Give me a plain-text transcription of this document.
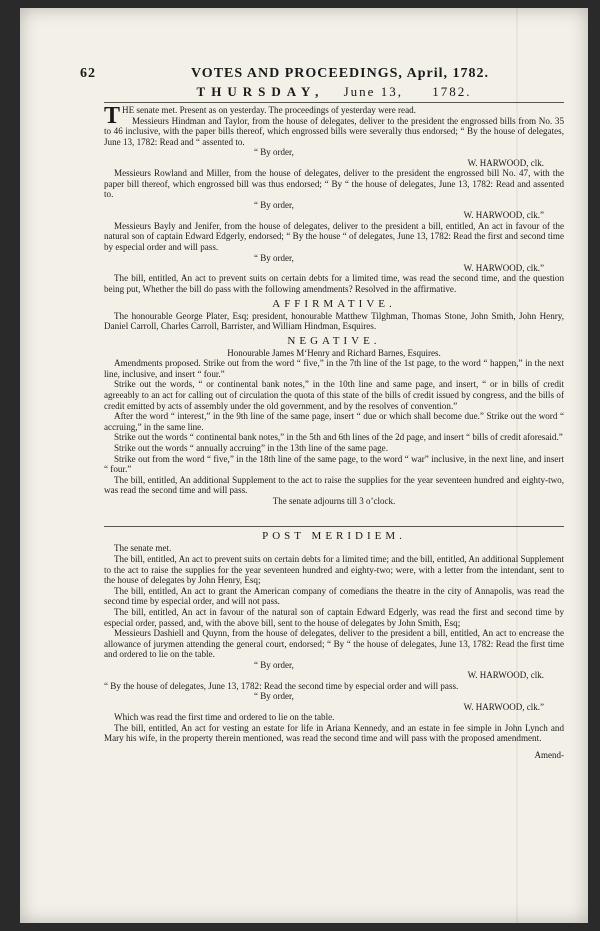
62	VOTES AND PROCEEDINGS, April, 1782.
THURSDAY, June 13, 1782.

THE senate met. Present as on yesterday. The proceedings of yesterday were read.

Messieurs Hindman and Taylor, from the house of delegates, deliver to the president the engrossed bills from No. 35 to 46 inclusive, with the paper bills thereof, which engrossed bills were severally thus endorsed; “ By the house of delegates, June 13, 1782: Read and “ assented to.

“ By order,
W. HARWOOD, clk.

Messieurs Rowland and Miller, from the house of delegates, deliver to the president the engrossed bill No. 47, with the paper bill thereof, which engrossed bill was thus endorsed; “ By “ the house of delegates, June 13, 1782: Read and assented to.

“ By order,
W. HARWOOD, clk.”

Messieurs Bayly and Jenifer, from the house of delegates, deliver to the president a bill, entitled, An act in favour of the natural son of captain Edward Edgerly, endorsed; “ By the house “ of delegates, June 13, 1782: Read the first and second time by especial order and will pass.

“ By order,
W. HARWOOD, clk.”

The bill, entitled, An act to prevent suits on certain debts for a limited time, was read the second time, and the question being put, Whether the bill do pass with the following amendments? Resolved in the affirmative.

AFFIRMATIVE.

The honourable George Plater, Esq; president, honourable Matthew Tilghman, Thomas Stone, John Smith, John Henry, Daniel Carroll, Charles Carroll, Barrister, and William Hindman, Esquires.

NEGATIVE.
Honourable James M‘Henry and Richard Barnes, Esquires.

Amendments proposed. Strike out from the word “ five,” in the 7th line of the 1st page, to the word “ happen,” in the next line, inclusive, and insert “ four.”

Strike out the words, “ or continental bank notes,” in the 10th line and same page, and insert, “ or in bills of credit agreeably to an act for calling out of circulation the quota of this state of the bills of credit issued by congress, and the bills of credit emitted by acts of assembly under the old government, and by the resolves of convention.”

After the word “ interest,” in the 9th line of the same page, insert “ due or which shall become due.” Strike out the word “ accruing,” in the same line.

Strike out the words “ continental bank notes,” in the 5th and 6th lines of the 2d page, and insert “ bills of credit aforesaid.”

Strike out the words “ annually accruing” in the 13th line of the same page.

Strike out from the word “ five,” in the 18th line of the same page, to the word “ war” inclusive, in the next line, and insert “ four.”

The bill, entitled, An additional Supplement to the act to raise the supplies for the year seventeen hundred and eighty-two, was read the second time and will pass.

The senate adjourns till 3 o’clock.
POST MERIDIEM.

The senate met.

The bill, entitled, An act to prevent suits on certain debts for a limited time; and the bill, entitled, An additional Supplement to the act to raise the supplies for the year seventeen hundred and eighty-two; were, with a letter from the intendant, sent to the house of delegates by John Henry, Esq;

The bill, entitled, An act to grant the American company of comedians the theatre in the city of Annapolis, was read the second time by especial order, and will not pass.

The bill, entitled, An act in favour of the natural son of captain Edward Edgerly, was read the first and second time by especial order, passed, and, with the above bill, sent to the house of delegates by John Smith, Esq;

Messieurs Dashiell and Quynn, from the house of delegates, deliver to the president a bill, entitled, An act to encrease the allowance of jurymen attending the general court, endorsed; “ By “ the house of delegates, June 13, 1782: Read the first time and ordered to lie on the table.

“ By order,
W. HARWOOD, clk.

“ By the house of delegates, June 13, 1782: Read the second time by especial order and will pass.

“ By order,
W. HARWOOD, clk.”

Which was read the first time and ordered to lie on the table.

The bill, entitled, An act for vesting an estate for life in Ariana Kennedy, and an estate in fee simple in John Lynch and Mary his wife, in the property therein mentioned, was read the second time and will pass with the proposed amendment.

Amend-
